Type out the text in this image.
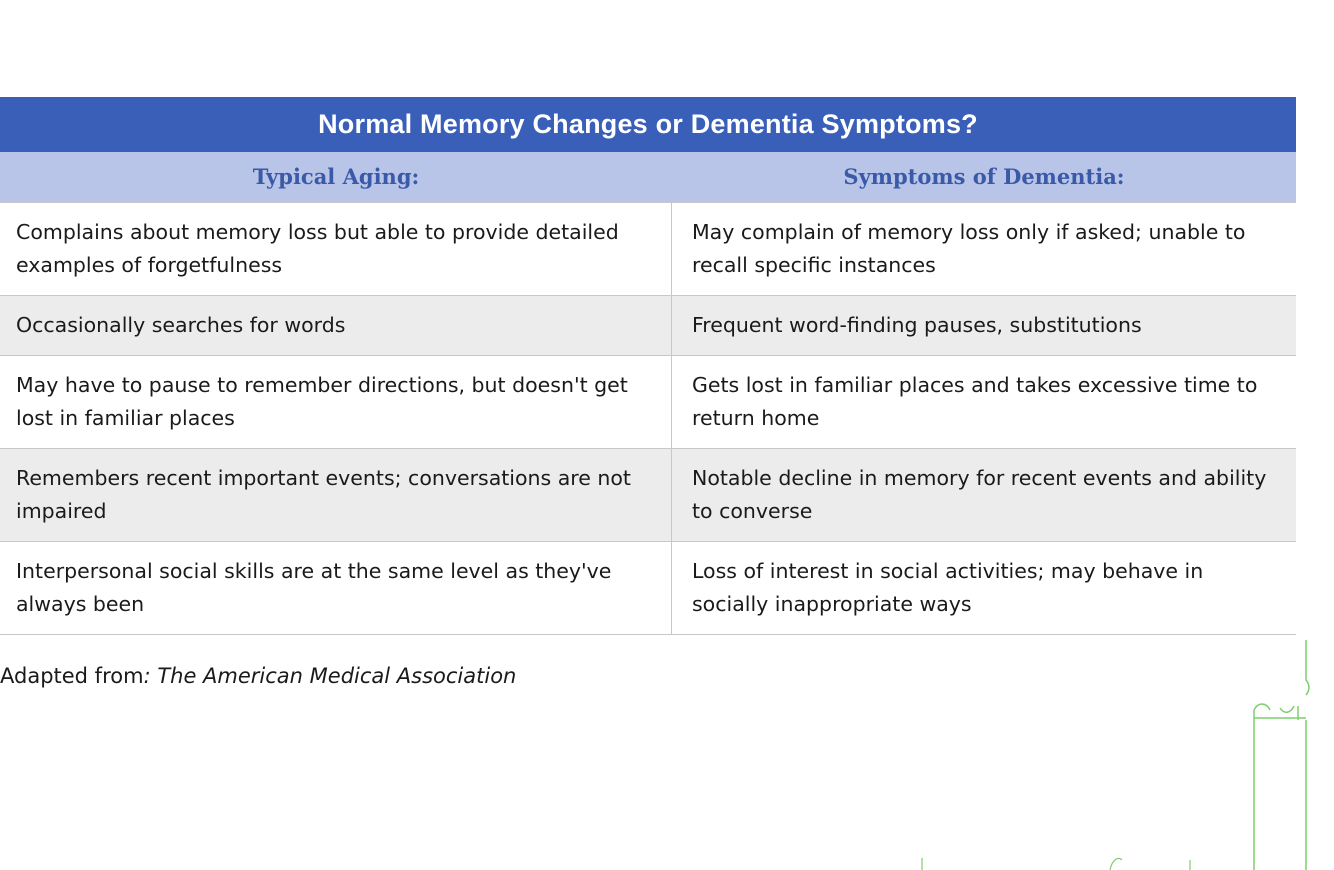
Normal Memory Changes or Dementia Symptoms?
Typical Aging:	Symptoms of Dementia:
Complains about memory loss but able to provide detailed examples of forgetfulness
May complain of memory loss only if asked; unable to recall specific instances
Occasionally searches for words	Frequent word-finding pauses, substitutions
May have to pause to remember directions, but doesn't get lost in familiar places
Gets lost in familiar places and takes excessive time to return home
Remembers recent important events; conversations are not impaired
Notable decline in memory for recent events and ability to converse
Interpersonal social skills are at the same level as they've always been
Loss of interest in social activities; may behave in socially inappropriate ways
Adapted from: The American Medical Association
